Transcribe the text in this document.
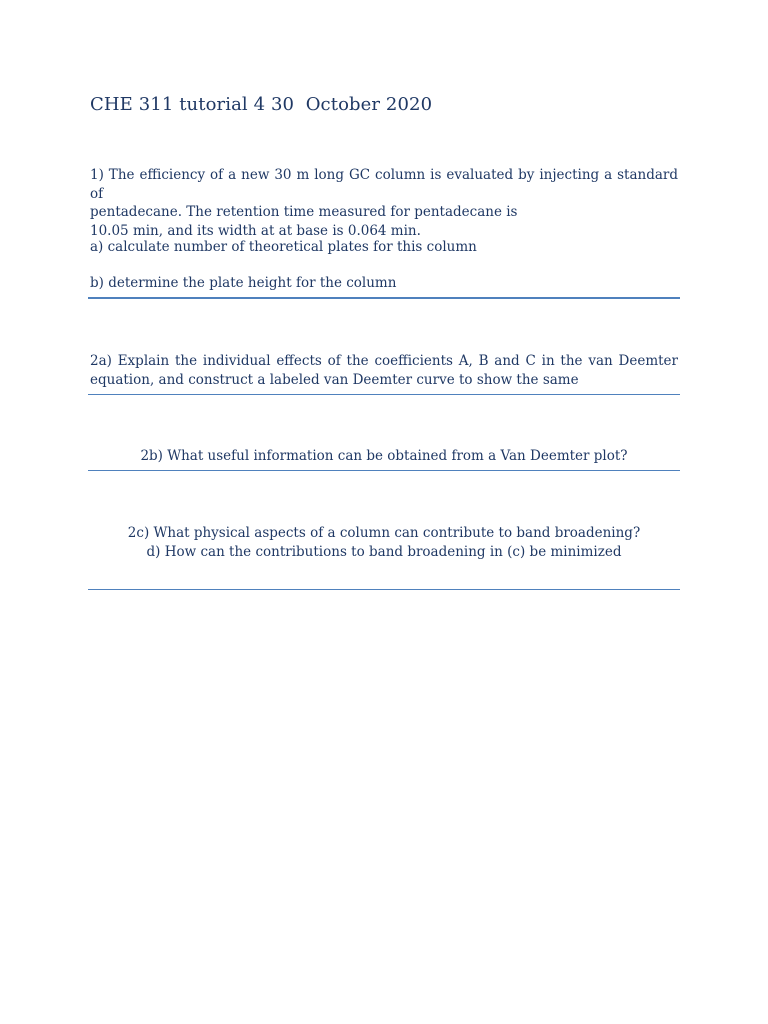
CHE 311 tutorial 4 30  October 2020
1) The efficiency of a new 30 m long GC column is evaluated by injecting a standard of
pentadecane. The retention time measured for pentadecane is
10.05 min, and its width at at base is 0.064 min.
a) calculate number of theoretical plates for this column
b) determine the plate height for the column
2a) Explain the individual effects of the coefficients A, B and C in the van Deemter
equation, and construct a labeled van Deemter curve to show the same
2b) What useful information can be obtained from a Van Deemter plot?
2c) What physical aspects of a column can contribute to band broadening?
d) How can the contributions to band broadening in (c) be minimized
